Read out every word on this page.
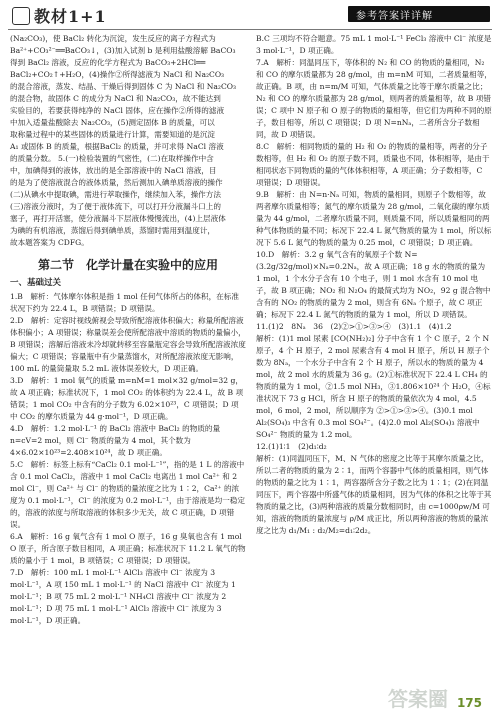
教材1+1	参考答案详详解

(Na₂CO₃)，使 BaCl₂ 转化为沉淀，发生反应的离子方程式为

Ba²⁺+CO₃²⁻══BaCO₃↓，(3)加入试剂 b 是利用盐酸溶解 BaCO₃

得到 BaCl₂ 溶液，反应的化学方程式为 BaCO₃+2HCl══

BaCl₂+CO₂↑+H₂O，(4)操作②所得滤液为 NaCl 和 Na₂CO₃

的混合溶液，蒸发、结晶、干燥后得到固体 C 为 NaCl 和 Na₂CO₃

的混合物，故固体 C 的成分为 NaCl 和 Na₂CO₃，故不能达到

实验目的，若要获得纯净的 NaCl 固体，应在操作②所得的滤液

中加入适量盐酸除去 Na₂CO₃，(5)测定固体 B 的质量，可以

取称量过程中的某些固体的质量进行计算，需要知道的是沉淀

A₁ 或固体 B 的质量，根据BaCl₂ 的质量，并可求得 NaCl 溶液

的质量分数。 5.(一)检验装置的气密性，(二)在取样操作中含

中，加碘得到的液体，放出的是全部溶液中的 NaCl 溶液，目

的是为了使溶液混合的液体质量，然后测加入碘单质溶液的操作

(二)从碘水中提取碘，需进行萃取操作，继续加入苯，操作方法

(三)溶液分液时，为了便于液体流下，可以打开分液漏斗口上的

塞子，再打开活塞，使分液漏斗下层液体慢慢流出，(4)上层液体

为碘的有机溶液，蒸馏后得到碘单质，蒸馏时需用到温度计，

故本题答案为 CDFG。

第二节　化学计量在实验中的应用
一、基础过关

1.B　解析：气体摩尔体积是指 1 mol 任何气体所占的体积，在标准状况下约为 22.4 L，B 项错误；D 项错误。

2.D　解析：定容时视线俯视会导致所配溶液体积偏大；称量所配溶液体积偏小；A 项错误；称量误差会使所配溶液中溶质的物质的量偏小，B 项错误；溶解后溶液未冷却就转移至容量瓶定容会导致所配溶液浓度偏大；C 项错误；容量瓶中有少量蒸馏水，对所配溶液浓度无影响，100 mL 的量筒量取 5.2 mL 液体误差较大，D 项正确。

3.D　解析：1 mol 氧气的质量 m=nM=1 mol×32 g/mol=32 g，故 A 项正确；标准状况下，1 mol CO₂ 的体积约为 22.4 L，故 B 项错误；1 mol CO₂ 中含有的分子数为 6.02×10²³，C 项错误；D 项中 CO₂ 的摩尔质量为 44 g·mol⁻¹，D 项正确。

4.D　解析：1.2 mol·L⁻¹ 的 BaCl₂ 溶液中 BaCl₂ 的物质的量 n=cV=2 mol，则 Cl⁻ 物质的量为 4 mol，其个数为 4×6.02×10²³=2.408×10²⁴，故 D 项正确。

5.C　解析：标签上标有“CaCl₂ 0.1 mol·L⁻¹”，指的是 1 L 的溶液中含 0.1 mol CaCl₂，溶液中 1 mol CaCl₂ 电离出 1 mol Ca²⁺ 和 2 mol Cl⁻，则 Ca²⁺ 与 Cl⁻ 的物质的量浓度之比为 1∶2，Ca²⁺ 的浓度为 0.1 mol·L⁻¹，Cl⁻ 的浓度为 0.2 mol·L⁻¹，由于溶液是均一稳定的，溶液的浓度与所取溶液的体积多少无关，故 C 项正确，D 项错误。

6.A　解析：16 g 氧气含有 1 mol O 原子，16 g 臭氧也含有 1 mol O 原子，所含原子数目相同，A 项正确；标准状况下 11.2 L 氧气的物质的量小于 1 mol，B 项错误；C 项错误；D 项错误。

7.D　解析：100 mL 1 mol·L⁻¹ AlCl₃ 溶液中 Cl⁻ 浓度为 3 mol·L⁻¹，A 项 150 mL 1 mol·L⁻¹ 的 NaCl 溶液中 Cl⁻ 浓度为 1 mol·L⁻¹；B 项 75 mL 2 mol·L⁻¹ NH₄Cl 溶液中 Cl⁻ 浓度为 2 mol·L⁻¹；D 项 75 mL 1 mol·L⁻¹ AlCl₃ 溶液中 Cl⁻ 浓度为 3 mol·L⁻¹，D 项正确。

B.C 三项均不符合题意。75 mL 1 mol·L⁻¹ FeCl₃ 溶液中 Cl⁻ 浓度是 3 mol·L⁻¹，D 项正确。

7.A　解析：同温同压下，等体积的 N₂ 和 CO 的物质的量相同，N₂ 和 CO 的摩尔质量都为 28 g/mol，由 m=nM 可知，二者质量相等，故正确。B 项，由 n=m/M 可知，气体质量之比等于摩尔质量之比；N₂ 和 CO 的摩尔质量都为 28 g/mol，则两者的质量相等，故 B 项错误；C 项中 N 原子和 O 原子的物质的量相等，但它们为两种不同的原子，数目相等，所以 C 项错误；D 项 N=nNₐ，二者所含分子数相同，故 D 项错误。

8.C　解析：相同物质的量的 H₂ 和 O₂ 的物质的量相等，两者的分子数相等，但 H₂ 和 O₂ 的原子数不同，质量也不同，体积相等，是由于相同状态下同物质的量的气体体积相等，A 项正确；分子数相等，C 项错误；D 项错误。

9.B　解析：由 N=n·Nₐ 可知，物质的量相同，则原子个数相等，故两者摩尔质量相等；氮气的摩尔质量为 28 g/mol，二氧化碳的摩尔质量为 44 g/mol，二者摩尔质量不同，则质量不同，所以质量相同的两种气体物质的量不同；标况下 22.4 L 氮气物质的量为 1 mol，所以标况下 5.6 L 氮气的物质的量为 0.25 mol，C 项错误；D 项正确。

10.D　解析：3.2 g 氧气含有的氧原子个数 N=(3.2g/32g/mol)×Nₐ=0.2Nₐ，故 A 项正确；18 g 水的物质的量为 1 mol，1 个水分子含有 10 个电子，则 1 mol 水含有 10 mol 电子，故 B 项正确；NO₂ 和 N₂O₄ 的最简式均为 NO₂，92 g 混合物中含有的 NO₂ 的物质的量为 2 mol，则含有 6Nₐ 个原子，故 C 项正确；标况下 22.4 L 氮气的物质的量为 1 mol，所以 D 项错误。

11.(1)2　8Nₐ　36　(2)②>①>③>④　(3)1.1　(4)1.2

解析：(1)1 mol 尿素 [CO(NH₂)₂] 分子中含有 1 个 C 原子，2 个 N 原子，4 个 H 原子，2 mol 尿素含有 4 mol H 原子，所以 H 原子个数为 8Nₐ，一个水分子中含有 2 个 H 原子，所以水的物质的量为 4 mol，故 2 mol 水的质量为 36 g。(2)①标准状况下 22.4 L CH₄ 的物质的量为 1 mol，②1.5 mol NH₃，③1.806×10²⁴ 个 H₂O，④标准状况下 73 g HCl，所含 H 原子的物质的量依次为 4 mol，4.5 mol，6 mol，2 mol，所以顺序为 ②>①>③>④。(3)0.1 mol Al₂(SO₄)₃ 中含有 0.3 mol SO₄²⁻。(4)2.0 mol Al₂(SO₄)₃ 溶液中 SO₄²⁻ 物质的量为 1.2 mol。

12.(1)1∶1　(2)d₁∶d₂

解析：(1)同温同压下，M、N 气体的密度之比等于其摩尔质量之比，所以二者的物质的量为 2∶1，而两个容器中气体的质量相同，则气体的物质的量之比为 1∶1，两容器所含分子数之比为 1∶1；(2)在同温同压下，两个容器中所盛气体的质量相同，因为气体的体积之比等于其物质的量之比，(3)两种溶液的质量分数相同时，由 c=1000ρw/M 可知，溶液的物质的量浓度与 ρ/M 成正比，所以两种溶液的物质的量浓度之比为 d₁/M₁ : d₂/M₂=d₁∶2d₂。

答案圈 175
